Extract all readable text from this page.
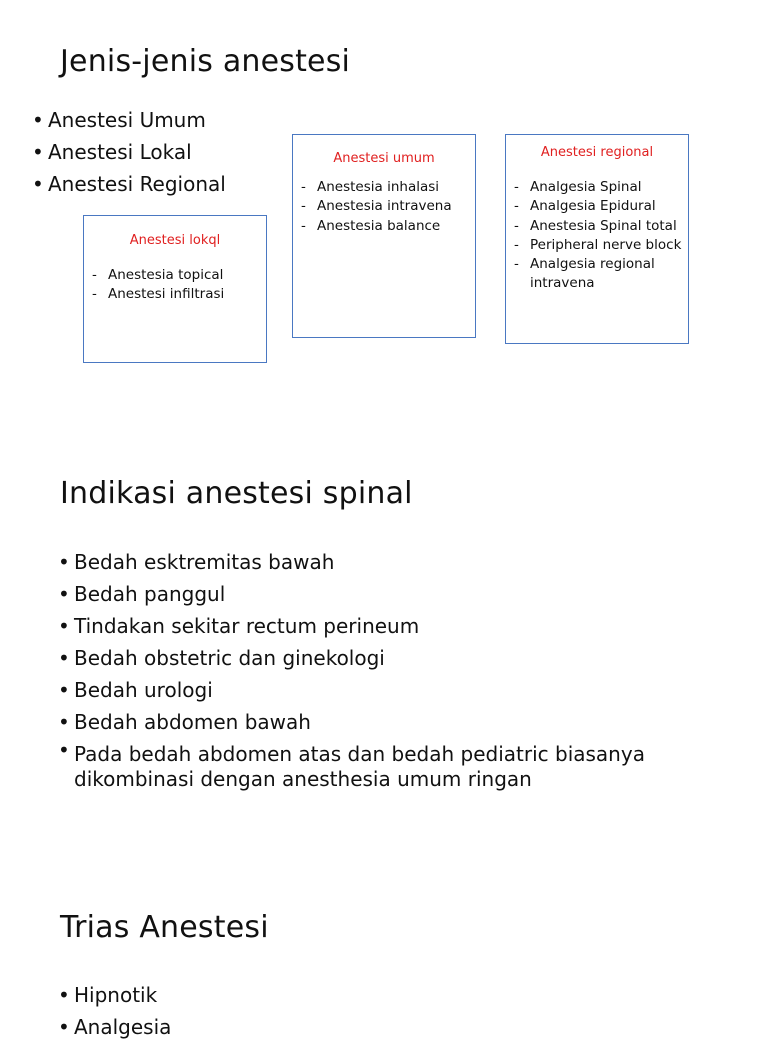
Jenis-jenis anestesi
• Anestesi Umum
• Anestesi Lokal
• Anestesi Regional

Anestesi lokql

- Anestesia topical
- Anestesi infiltrasi

Anestesi umum

- Anestesia inhalasi
- Anestesia intravena
- Anestesia balance

Anestesi regional

- Analgesia Spinal
- Analgesia Epidural
- Anestesia Spinal total
- Peripheral nerve block
- Analgesia regional intravena
Indikasi anestesi spinal
• Bedah esktremitas bawah
• Bedah panggul
• Tindakan sekitar rectum perineum
• Bedah obstetric dan ginekologi
• Bedah urologi
• Bedah abdomen bawah
• Pada bedah abdomen atas dan bedah pediatric biasanya dikombinasi dengan anesthesia umum ringan
Trias Anestesi
• Hipnotik
• Analgesia
